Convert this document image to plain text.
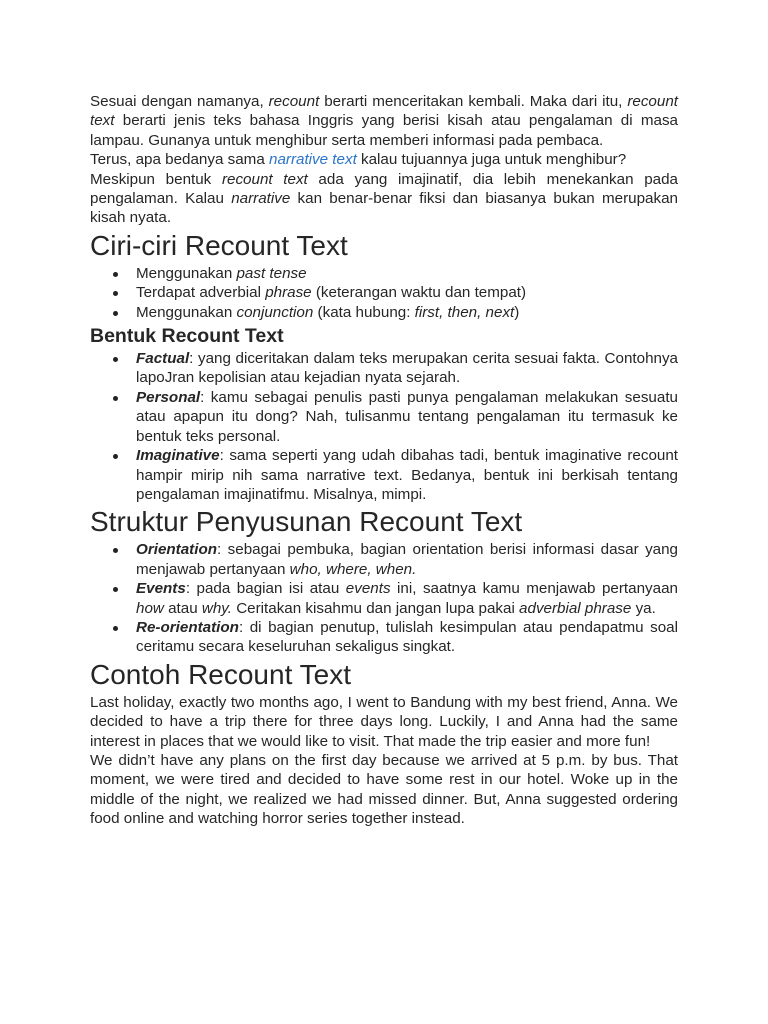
Sesuai dengan namanya, recount berarti menceritakan kembali. Maka dari itu, recount text berarti jenis teks bahasa Inggris yang berisi kisah atau pengalaman di masa lampau. Gunanya untuk menghibur serta memberi informasi pada pembaca.

Terus, apa bedanya sama narrative text kalau tujuannya juga untuk menghibur?

Meskipun bentuk recount text ada yang imajinatif, dia lebih menekankan pada pengalaman. Kalau narrative kan benar-benar fiksi dan biasanya bukan merupakan kisah nyata.

Ciri-ciri Recount Text
Menggunakan past tense
Terdapat adverbial phrase (keterangan waktu dan tempat)
Menggunakan conjunction (kata hubung: first, then, next)
Bentuk Recount Text
Factual: yang diceritakan dalam teks merupakan cerita sesuai fakta. Contohnya lapoJran kepolisian atau kejadian nyata sejarah.
Personal: kamu sebagai penulis pasti punya pengalaman melakukan sesuatu atau apapun itu dong? Nah, tulisanmu tentang pengalaman itu termasuk ke bentuk teks personal.
Imaginative: sama seperti yang udah dibahas tadi, bentuk imaginative recount hampir mirip nih sama narrative text. Bedanya, bentuk ini berkisah tentang pengalaman imajinatifmu. Misalnya, mimpi.
Struktur Penyusunan Recount Text
Orientation: sebagai pembuka, bagian orientation berisi informasi dasar yang menjawab pertanyaan who, where, when.
Events: pada bagian isi atau events ini, saatnya kamu menjawab pertanyaan how atau why. Ceritakan kisahmu dan jangan lupa pakai adverbial phrase ya.
Re-orientation: di bagian penutup, tulislah kesimpulan atau pendapatmu soal ceritamu secara keseluruhan sekaligus singkat.
Contoh Recount Text

Last holiday, exactly two months ago, I went to Bandung with my best friend, Anna. We decided to have a trip there for three days long. Luckily, I and Anna had the same interest in places that we would like to visit. That made the trip easier and more fun!

We didn’t have any plans on the first day because we arrived at 5 p.m. by bus. That moment, we were tired and decided to have some rest in our hotel. Woke up in the middle of the night, we realized we had missed dinner. But, Anna suggested ordering food online and watching horror series together instead.
